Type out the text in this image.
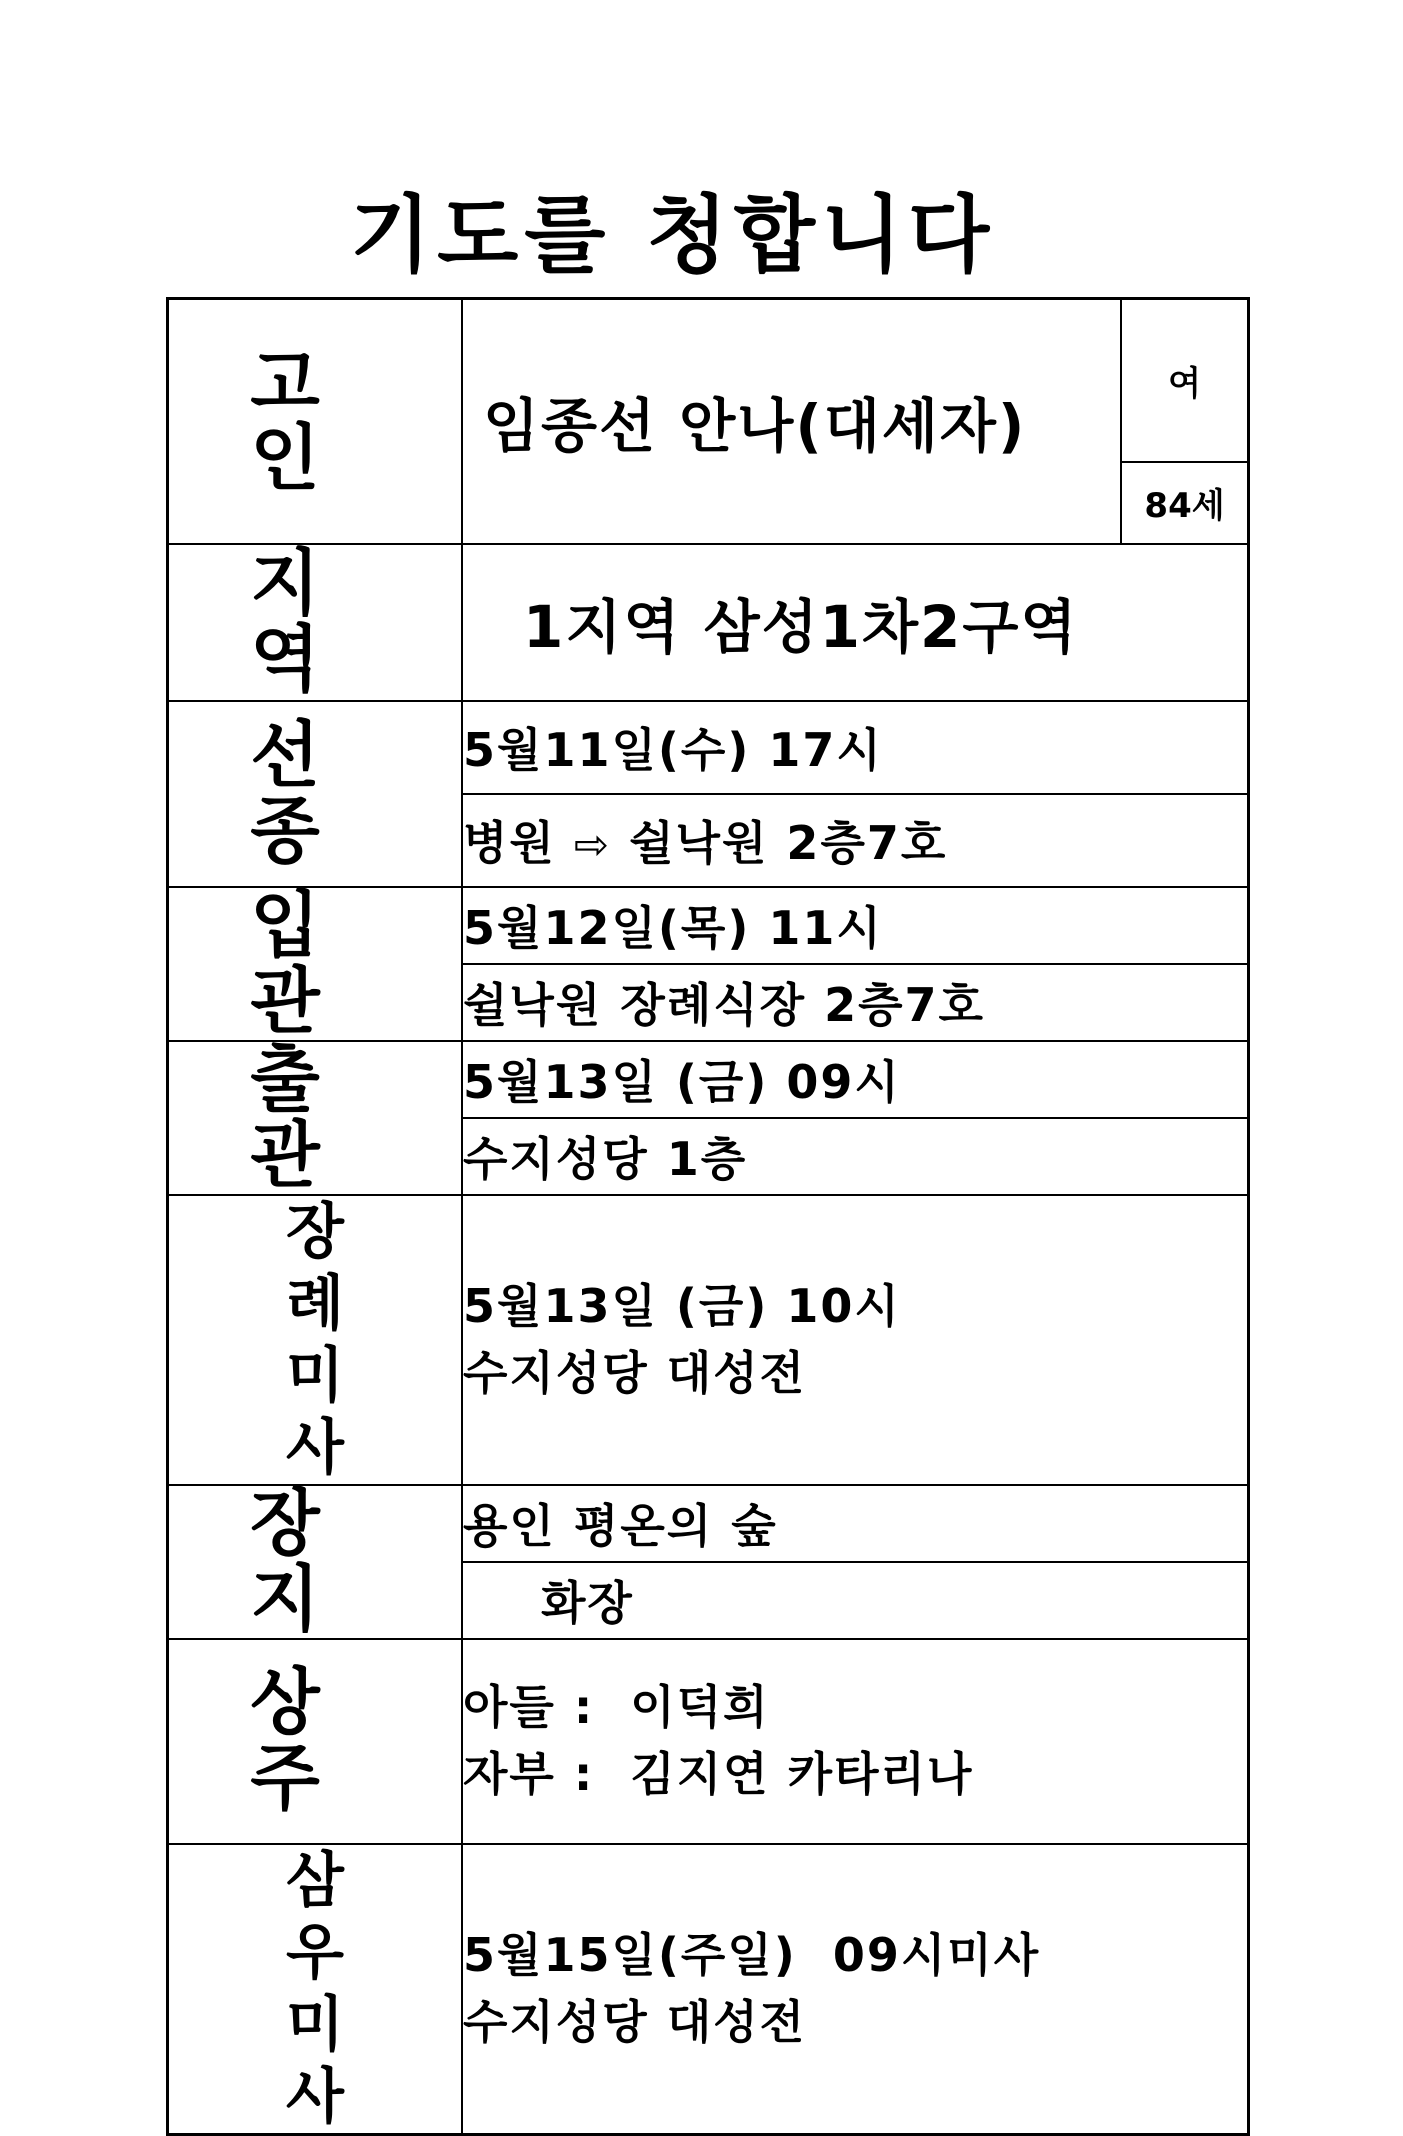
기도를 청합니다
고 인	임종선 안나(대세자)	여
		84세
지 역	1지역 삼성1차2구역	
선 종	5월11일(수) 17시	
	병원 ⇨ 쉴낙원 2층7호	
입 관	5월12일(목) 11시	
	쉴낙원 장례식장 2층7호	
출 관	5월13일 (금) 09시	
	수지성당 1층	

장 례
미 사	5월13일 (금) 10시
수지성당 대성전	

장 지	용인 평온의 숲	
	화장	
상 주	아들 :  이덕희
자부 :  김지연 카타리나	

삼 우
미 사	5월15일(주일)  09시미사
수지성당 대성전	
